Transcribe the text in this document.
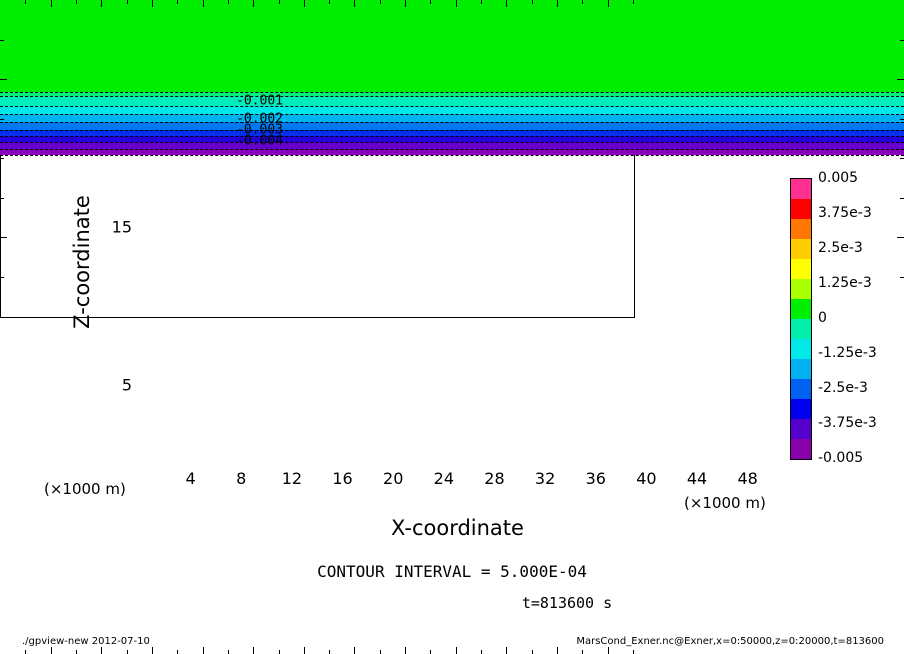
-0.001
-0.002
-0.003
-0.004
Z-coordinate
X-coordinate
(×1000 m)
(×1000 m)
0.005
3.75e-3
2.5e-3
1.25e-3
0
-1.25e-3
-2.5e-3
-3.75e-3
-0.005
CONTOUR INTERVAL = 5.000E-04
t=813600 s
./gpview-new 2012-07-10	MarsCond_Exner.nc@Exner,x=0:50000,z=0:20000,t=813600
4	8 12 16 20 24 28 32 36 40 44 48
5
15
